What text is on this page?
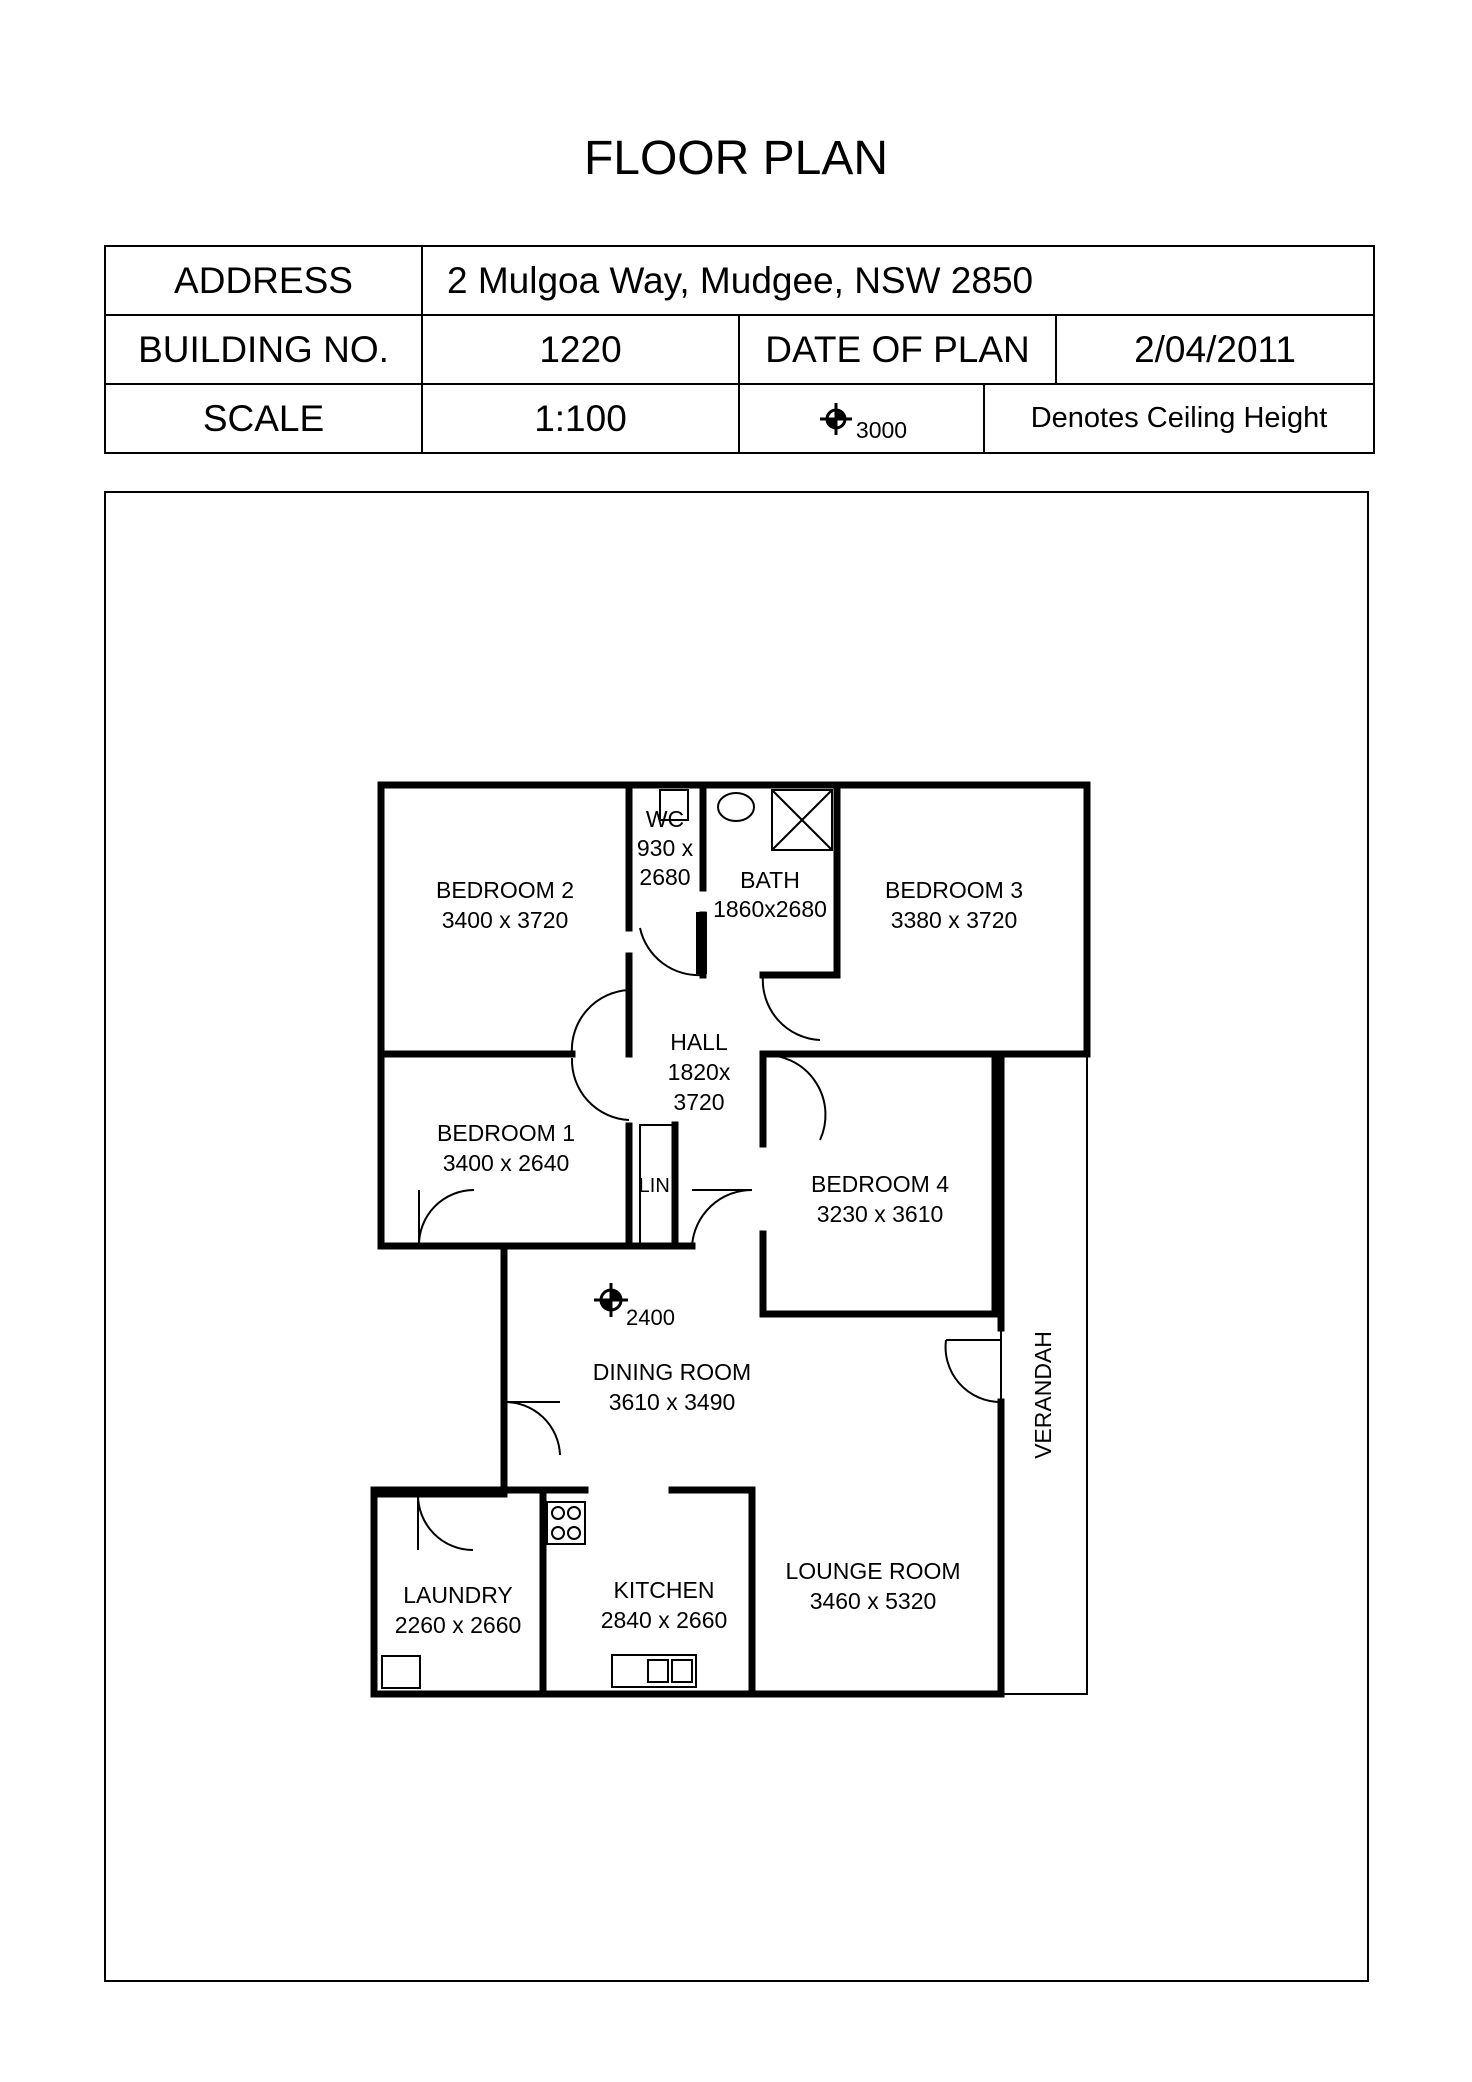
FLOOR PLAN
ADDRESS	2 Mulgoa Way, Mudgee, NSW 2850		
BUILDING NO.	1220	DATE OF PLAN	2/04/2011
SCALE	1:100	3000 Denotes Ceiling Height	
BEDROOM 2
3400 x 3720
WC
930 x
2680 BATH
1860x2680
BEDROOM 3
3380 x 3720
HALL
1820x
3720
BEDROOM 1
3400 x 2640
LIN.	BEDROOM 4
3230 x 3610
DINING ROOM
3610 x 3490	VERANDAH
LAUNDRY
2260 x 2660
KITCHEN
2840 x 2660
LOUNGE ROOM
3460 x 5320
2400
